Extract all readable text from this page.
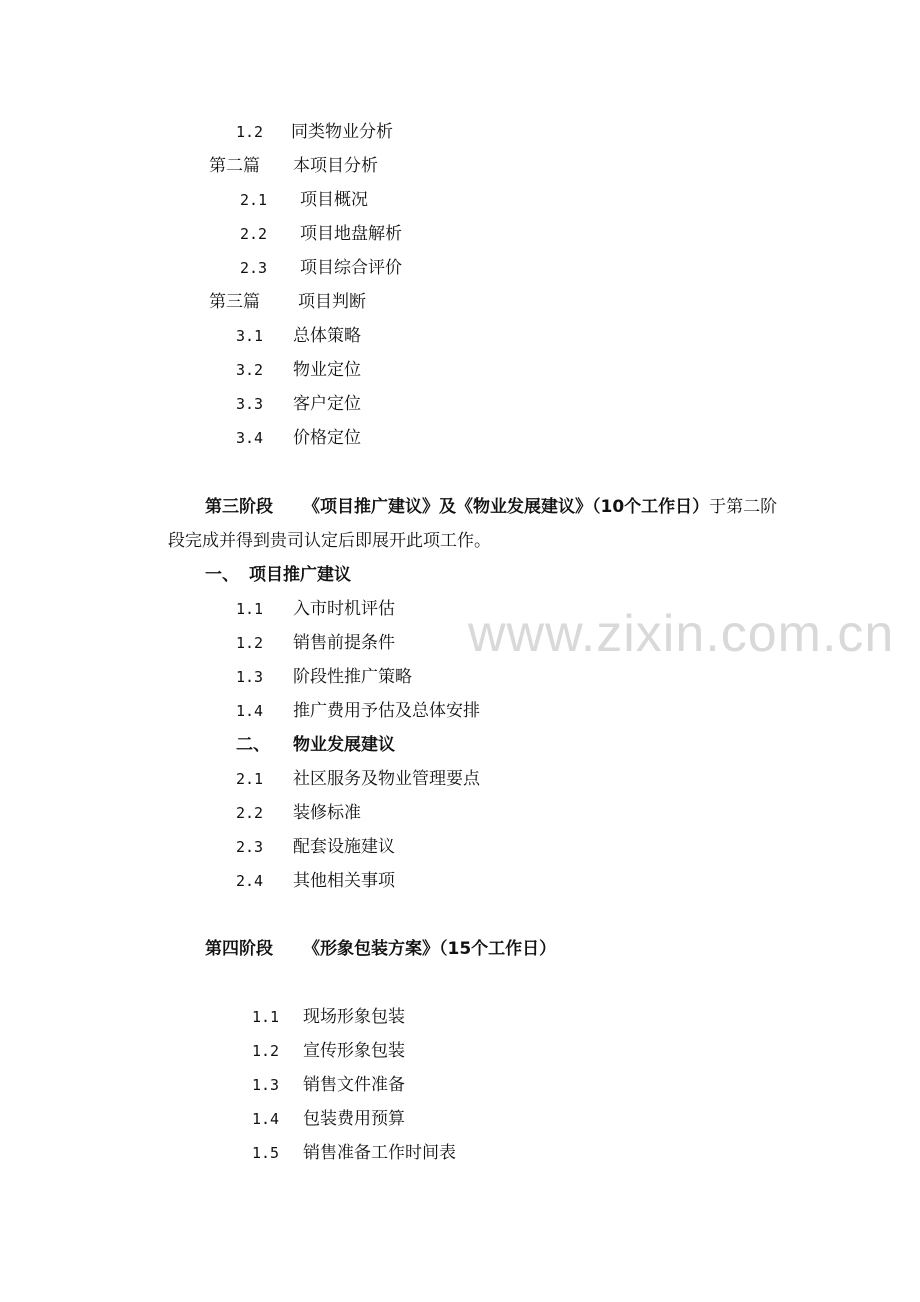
www.zixin.com.cn
1.2 同类物业分析
第二篇 本项目分析
2.1 项目概况
2.2 项目地盘解析
2.3 项目综合评价
第三篇 项目判断
3.1 总体策略
3.2 物业定位
3.3 客户定位
3.4 价格定位
第三阶段 《项目推广建议》及《物业发展建议》（10个工作日）于第二阶
段完成并得到贵司认定后即展开此项工作。
一、 项目推广建议
1.1 入市时机评估
1.2 销售前提条件
1.3 阶段性推广策略
1.4 推广费用予估及总体安排
二、 物业发展建议
2.1 社区服务及物业管理要点
2.2 装修标准
2.3 配套设施建议
2.4 其他相关事项
第四阶段 《形象包装方案》（15个工作日）
1.1 现场形象包装
1.2 宣传形象包装
1.3 销售文件准备
1.4 包装费用预算
1.5 销售准备工作时间表
